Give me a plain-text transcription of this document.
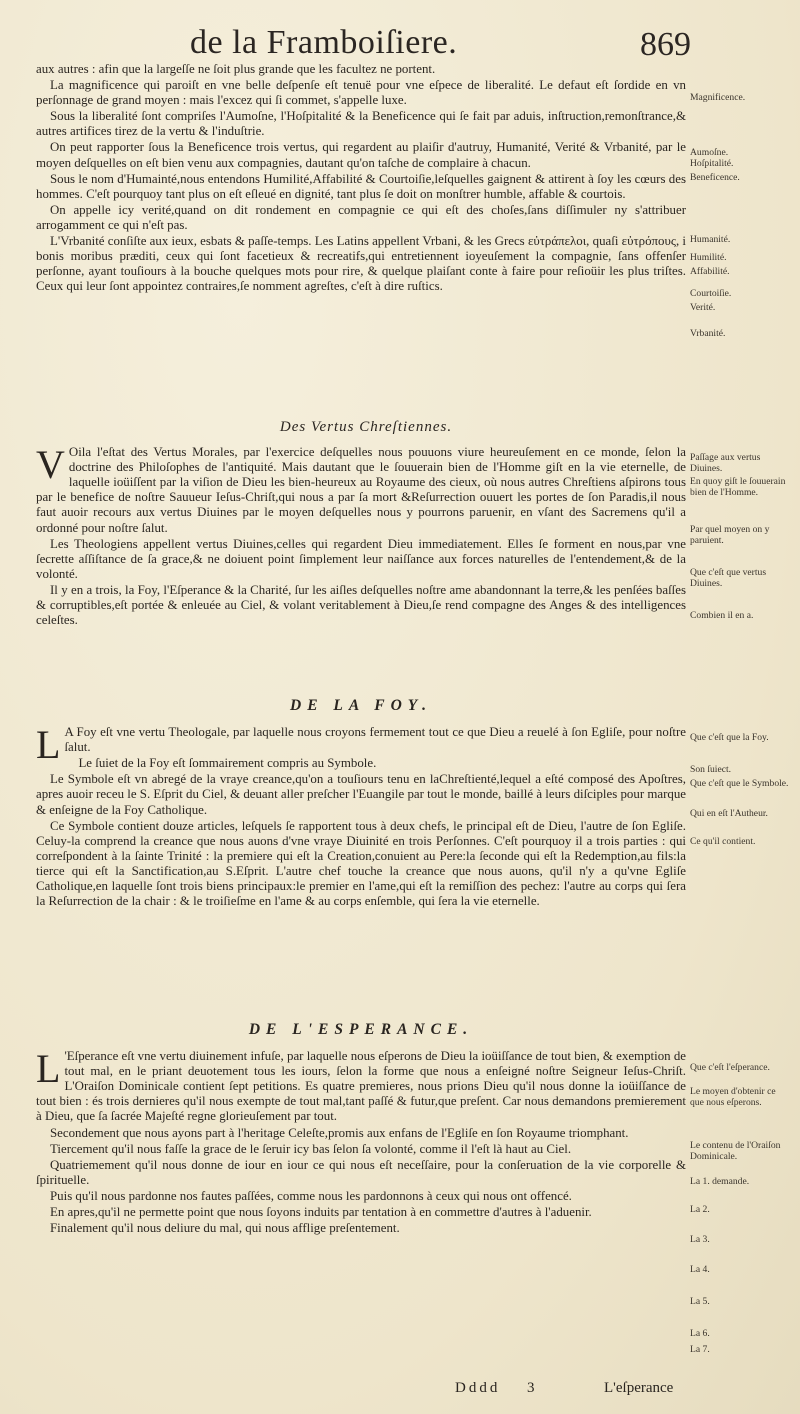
de la Framboiſiere.	869

aux autres : afin que la largeſſe ne ſoit plus grande que les facultez ne portent.

La magnificence qui paroiſt en vne belle deſpenſe eſt tenuë pour vne eſpece de liberalité. Le defaut eſt ſordide en vn perſonnage de grand moyen : mais l'excez qui ſi commet, s'appelle luxe.

Sous la liberalité ſont compriſes l'Aumoſne, l'Hoſpitalité & la Beneficence qui ſe fait par aduis, inſtruction,remonſtrance,& autres artifices tirez de la vertu & l'induſtrie.

On peut rapporter ſous la Beneficence trois vertus, qui regardent au plaiſir d'autruy, Humanité, Verité & Vrbanité, par le moyen deſquelles on eſt bien venu aux compagnies, dautant qu'on taſche de complaire à chacun.

Sous le nom d'Humainté,nous entendons Humilité,Affabilité & Courtoiſie,leſquelles gaignent & attirent à ſoy les cœurs des hommes. C'eſt pourquoy tant plus on eſt eſleué en dignité, tant plus ſe doit on monſtrer humble, affable & courtois.

On appelle icy verité,quand on dit rondement en compagnie ce qui eſt des choſes,ſans diſſimuler ny s'attribuer arrogamment ce qui n'eſt pas.

L'Vrbanité conſiſte aux ieux, esbats & paſſe-temps. Les Latins appellent Vrbani, & les Grecs εὐτράπελοι, quaſi εὐτρόπους, i bonis moribus præditi, ceux qui ſont facetieux & recreatifs,qui entretiennent ioyeuſement la compagnie, ſans offenſer perſonne, ayant touſiours à la bouche quelques mots pour rire, & quelque plaiſant conte à faire pour reſioüir les plus triſtes. Ceux qui leur ſont appointez contraires,ſe nomment agreſtes, c'eſt à dire ruſtics.

Des Vertus Chreſtiennes.

V Oila l'eſtat des Vertus Morales, par l'exercice deſquelles nous pouuons viure heureuſement en ce monde, ſelon la doctrine des Philoſophes de l'antiquité. Mais dautant que le ſouuerain bien de l'Homme giſt en la vie eternelle, de laquelle ioüiſſent par la viſion de Dieu les bien-heureux au Royaume des cieux, où nous autres Chreſtiens aſpirons tous par le benefice de noſtre Sauueur Ieſus-Chriſt,qui nous a par ſa mort &Reſurrection ouuert les portes de ſon Paradis,il nous faut auoir recours aux vertus Diuines par le moyen deſquelles nous y pourrons paruenir, en vſant des Sacremens qu'il a ordonné pour noſtre ſalut.

Les Theologiens appellent vertus Diuines,celles qui regardent Dieu immediatement. Elles ſe forment en nous,par vne ſecrette aſſiſtance de ſa grace,& ne doiuent point ſimplement leur naiſſance aux forces naturelles de l'entendement,& de la volonté.

Il y en a trois, la Foy, l'Eſperance & la Charité, ſur les aiſles deſquelles noſtre ame abandonnant la terre,& les penſées baſſes & corruptibles,eſt portée & enleuée au Ciel, & volant veritablement à Dieu,ſe rend compagne des Anges & des intelligences celeſtes.

DE LA FOY.

L A Foy eſt vne vertu Theologale, par laquelle nous croyons fermement tout ce que Dieu a reuelé à ſon Egliſe, pour noſtre ſalut.

Le ſuiet de la Foy eſt ſommairement compris au Symbole.

Le Symbole eſt vn abregé de la vraye creance,qu'on a touſiours tenu en laChreſtienté,lequel a eſté composé des Apoſtres, apres auoir receu le S. Eſprit du Ciel, & deuant aller preſcher l'Euangile par tout le monde, baillé à leurs diſciples pour marque & enſeigne de la Foy Catholique.

Ce Symbole contient douze articles, leſquels ſe rapportent tous à deux chefs, le principal eſt de Dieu, l'autre de ſon Egliſe. Celuy-la comprend la creance que nous auons d'vne vraye Diuinité en trois Perſonnes. C'eſt pourquoy il a trois parties : qui correſpondent à la ſainte Trinité : la premiere qui eſt la Creation,conuient au Pere:la ſeconde qui eſt la Redemption,au fils:la tierce qui eſt la Sanctification,au S.Eſprit. L'autre chef touche la creance que nous auons, qu'il n'y a qu'vne Egliſe Catholique,en laquelle ſont trois biens principaux:le premier en l'ame,qui eſt la remiſſion des pechez: l'autre au corps qui ſera la Reſurrection de la chair : & le troiſieſme en l'ame & au corps enſemble, qui ſera la vie eternelle.

DE L'ESPERANCE.

L 'Eſperance eſt vne vertu diuinement infuſe, par laquelle nous eſperons de Dieu la ioüiſſance de tout bien, & exemption de tout mal, en le priant deuotement tous les iours, ſelon la forme que nous a enſeigné noſtre Seigneur Ieſus-Chriſt. L'Oraiſon Dominicale contient ſept petitions. Es quatre premieres, nous prions Dieu qu'il nous donne la ioüiſſance de tout bien : és trois dernieres qu'il nous exempte de tout mal,tant paſſé & futur,que preſent. Car nous demandons premierement à Dieu, que ſa ſacrée Majeſté regne glorieuſement par tout.

Secondement que nous ayons part à l'heritage Celeſte,promis aux enfans de l'Egliſe en ſon Royaume triomphant.

Tiercement qu'il nous faſſe la grace de le ſeruir icy bas ſelon ſa volonté, comme il l'eſt là haut au Ciel.

Quatriemement qu'il nous donne de iour en iour ce qui nous eſt neceſſaire, pour la conſeruation de la vie corporelle & ſpirituelle.

Puis qu'il nous pardonne nos fautes paſſées, comme nous les pardonnons à ceux qui nous ont offencé.

En apres,qu'il ne permette point que nous ſoyons induits par tentation à en commettre d'autres à l'aduenir.

Finalement qu'il nous deliure du mal, qui nous afflige preſentement.

Magnificence.
Aumoſne.
Hoſpitalité.
Beneficence.
Humanité.
Humilité.
Affabilité.
Courtoiſie.
Verité.
Vrbanité.
Paſſage aux vertus Diuines.
En quoy giſt le ſouuerain bien de l'Homme.
Par quel moyen on y paruient.
Que c'eſt que vertus Diuines.
Combien il en a.
Que c'eſt que la Foy.
Son ſuiect.
Que c'eſt que le Symbole.
Qui en eſt l'Autheur.
Ce qu'il contient.
Que c'eſt l'eſperance.
Le moyen d'obtenir ce que nous eſperons.
Le contenu de l'Oraiſon Dominicale.
La 1. demande.
La 2.
La 3.
La 4.
La 5.
La 6.
La 7.
Dddd 3	L'eſperance
